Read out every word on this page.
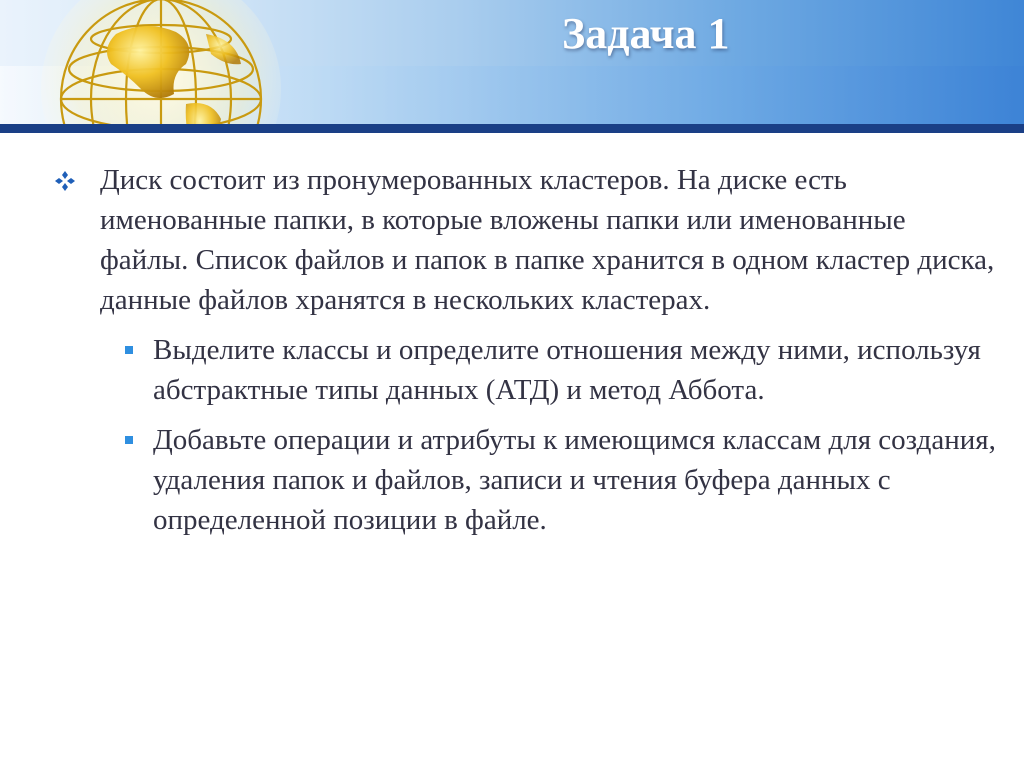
Задача 1
Диск состоит из пронумерованных кластеров. На диске есть именованные папки, в которые вложены папки или именованные файлы. Список файлов и папок в папке хранится в одном кластер диска, данные файлов хранятся в нескольких кластерах.
Выделите классы и определите отношения между ними, используя абстрактные типы данных (АТД) и метод Аббота.
Добавьте операции и атрибуты к имеющимся классам для создания, удаления папок и файлов, записи и чтения буфера данных с определенной позиции в файле.
